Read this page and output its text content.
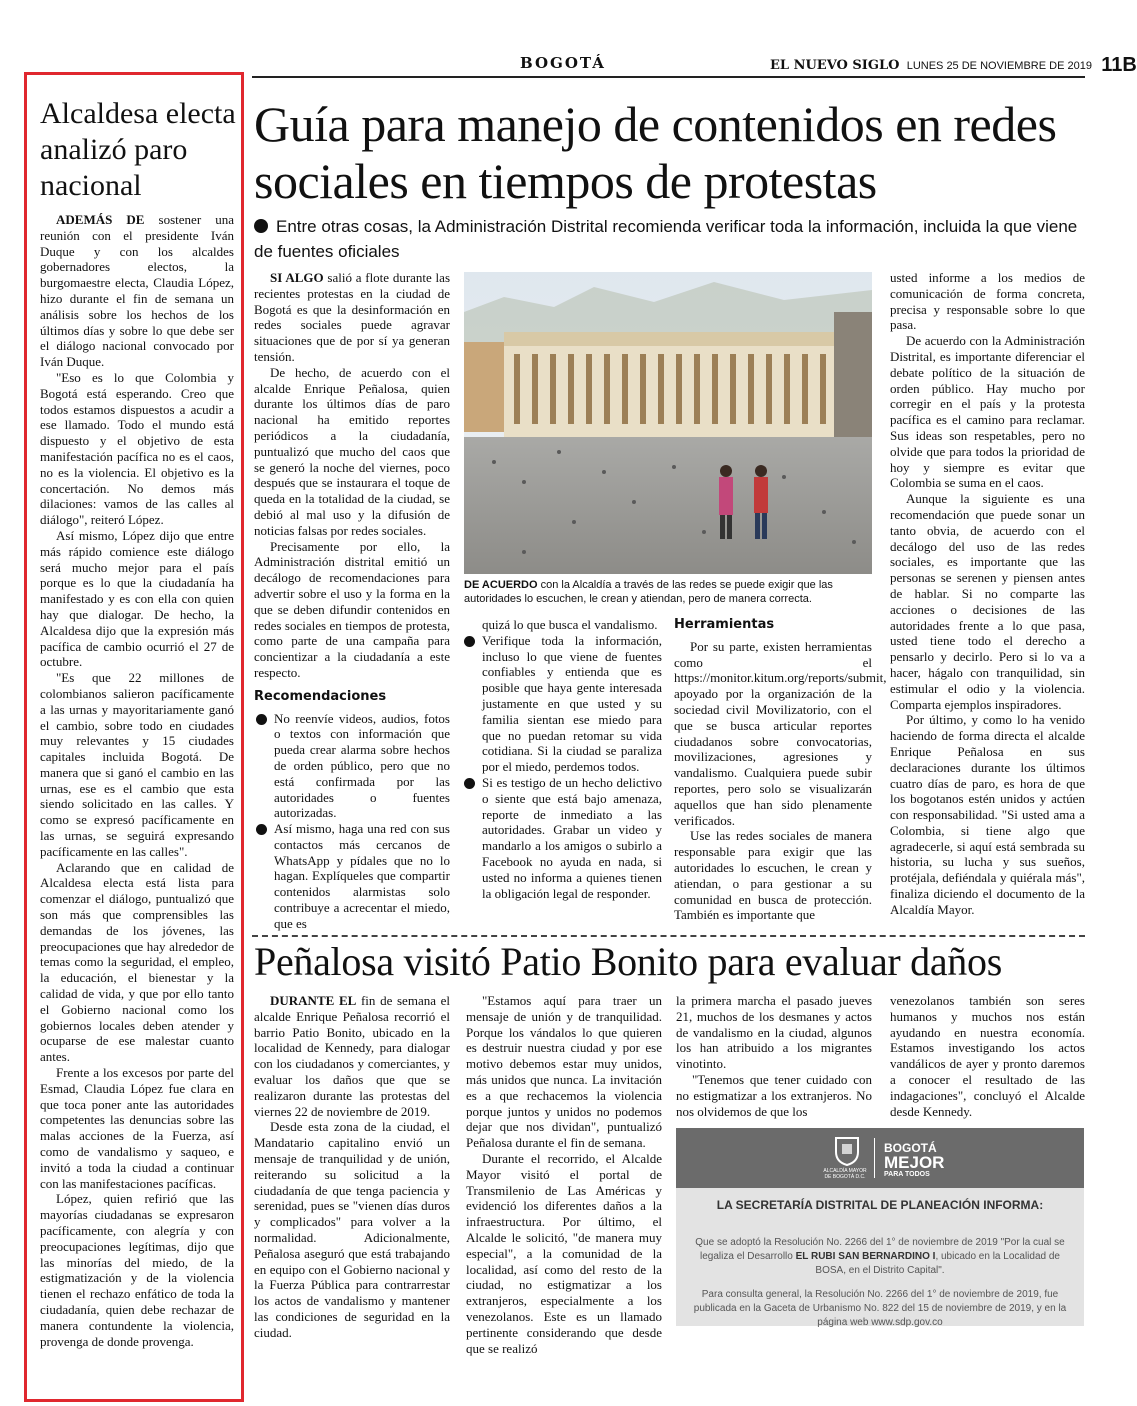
BOGOTÁ	EL NUEVO SIGLO LUNES 25 DE NOVIEMBRE DE 2019 11B
Alcaldesa electa analizó paro nacional

ADEMÁS DE sostener una reunión con el presidente Iván Duque y con los alcaldes gobernadores electos, la burgomaestre electa, Claudia López, hizo durante el fin de semana un análisis sobre los hechos de los últimos días y sobre lo que debe ser el diálogo nacional convocado por Iván Duque.

"Eso es lo que Colombia y Bogotá está esperando. Creo que todos estamos dispuestos a acudir a ese llamado. Todo el mundo está dispuesto y el objetivo de esta manifestación pacífica no es el caos, no es la violencia. El objetivo es la concertación. No demos más dilaciones: vamos de las calles al diálogo", reiteró López.

Así mismo, López dijo que entre más rápido comience este diálogo será mucho mejor para el país porque es lo que la ciudadanía ha manifestado y es con ella con quien hay que dialogar. De hecho, la Alcaldesa dijo que la expresión más pacífica de cambio ocurrió el 27 de octubre.

"Es que 22 millones de colombianos salieron pacíficamente a las urnas y mayoritariamente ganó el cambio, sobre todo en ciudades muy relevantes y 15 ciudades capitales incluida Bogotá. De manera que si ganó el cambio en las urnas, ese es el cambio que esta siendo solicitado en las calles. Y como se expresó pacíficamente en las urnas, se seguirá expresando pacíficamente en las calles".

Aclarando que en calidad de Alcaldesa electa está lista para comenzar el diálogo, puntualizó que son más que comprensibles las demandas de los jóvenes, las preocupaciones que hay alrededor de temas como la seguridad, el empleo, la educación, el bienestar y la calidad de vida, y que por ello tanto el Gobierno nacional como los gobiernos locales deben atender y ocuparse de ese malestar cuanto antes.

Frente a los excesos por parte del Esmad, Claudia López fue clara en que toca poner ante las autoridades competentes las denuncias sobre las malas acciones de la Fuerza, así como de vandalismo y saqueo, e invitó a toda la ciudad a continuar con las manifestaciones pacíficas.

López, quien refirió que las mayorías ciudadanas se expresaron pacíficamente, con alegría y con preocupaciones legítimas, dijo que las minorías del miedo, de la estigmatización y de la violencia tienen el rechazo enfático de toda la ciudadanía, quien debe rechazar de manera contundente la violencia, provenga de donde provenga.

Guía para manejo de contenidos en redes sociales en tiempos de protestas
Entre otras cosas, la Administración Distrital recomienda verificar toda la información, incluida la que viene de fuentes oficiales

SI ALGO salió a flote durante las recientes protestas en la ciudad de Bogotá es que la desinformación en redes sociales puede agravar situaciones que de por sí ya generan tensión.

De hecho, de acuerdo con el alcalde Enrique Peñalosa, quien durante los últimos días de paro nacional ha emitido reportes periódicos a la ciudadanía, puntualizó que mucho del caos que se generó la noche del viernes, poco después que se instaurara el toque de queda en la totalidad de la ciudad, se debió al mal uso y la difusión de noticias falsas por redes sociales.

Precisamente por ello, la Administración distrital emitió un decálogo de recomendaciones para advertir sobre el uso y la forma en la que se deben difundir contenidos en redes sociales en tiempos de protesta, como parte de una campaña para concientizar a la ciudadanía a este respecto.

Recomendaciones
No reenvíe videos, audios, fotos o textos con información que pueda crear alarma sobre hechos de orden público, pero que no está confirmada por las autoridades o fuentes autorizadas.
Así mismo, haga una red con sus contactos más cercanos de WhatsApp y pídales que no lo hagan. Explíqueles que compartir contenidos alarmistas solo contribuye a acrecentar el miedo, que es
DE ACUERDO con la Alcaldía a través de las redes se puede exigir que las autoridades lo escuchen, le crean y atiendan, pero de manera correcta.

quizá lo que busca el vandalismo.

Verifique toda la información, incluso lo que viene de fuentes confiables y entienda que es posible que haya gente interesada justamente en que usted y su familia sientan ese miedo para que no puedan retomar su vida cotidiana. Si la ciudad se paraliza por el miedo, perdemos todos.
Si es testigo de un hecho delictivo o siente que está bajo amenaza, reporte de inmediato a las autoridades. Grabar un video y mandarlo a los amigos o subirlo a Facebook no ayuda en nada, si usted no informa a quienes tienen la obligación legal de responder.
Herramientas

Por su parte, existen herramientas como el https://monitor.kitum.org/reports/submit, apoyado por la organización de la sociedad civil Movilizatorio, con el que se busca articular reportes ciudadanos sobre convocatorias, movilizaciones, agresiones y vandalismo. Cualquiera puede subir reportes, pero solo se visualizarán aquellos que han sido plenamente verificados.

Use las redes sociales de manera responsable para exigir que las autoridades lo escuchen, le crean y atiendan, o para gestionar a su comunidad en busca de protección. También es importante que

usted informe a los medios de comunicación de forma concreta, precisa y responsable sobre lo que pasa.

De acuerdo con la Administración Distrital, es importante diferenciar el debate político de la situación de orden público. Hay mucho por corregir en el país y la protesta pacífica es el camino para reclamar. Sus ideas son respetables, pero no olvide que para todos la prioridad de hoy y siempre es evitar que Colombia se suma en el caos.

Aunque la siguiente es una recomendación que puede sonar un tanto obvia, de acuerdo con el decálogo del uso de las redes sociales, es importante que las personas se serenen y piensen antes de hablar. Si no comparte las acciones o decisiones de las autoridades frente a lo que pasa, usted tiene todo el derecho a pensarlo y decirlo. Pero si lo va a hacer, hágalo con tranquilidad, sin estimular el odio y la violencia. Comparta ejemplos inspiradores.

Por último, y como lo ha venido haciendo de forma directa el alcalde Enrique Peñalosa en sus declaraciones durante los últimos cuatro días de paro, es hora de que los bogotanos estén unidos y actúen con responsabilidad. "Si usted ama a Colombia, si tiene algo que agradecerle, si aquí está sembrada su historia, su lucha y sus sueños, protéjala, defiéndala y quiérala más", finaliza diciendo el documento de la Alcaldía Mayor.

Peñalosa visitó Patio Bonito para evaluar daños

DURANTE EL fin de semana el alcalde Enrique Peñalosa recorrió el barrio Patio Bonito, ubicado en la localidad de Kennedy, para dialogar con los ciudadanos y comerciantes, y evaluar los daños que que se realizaron durante las protestas del viernes 22 de noviembre de 2019.

Desde esta zona de la ciudad, el Mandatario capitalino envió un mensaje de tranquilidad y de unión, reiterando su solicitud a la ciudadanía de que tenga paciencia y serenidad, pues se "vienen días duros y complicados" para volver a la normalidad. Adicionalmente, Peñalosa aseguró que está trabajando en equipo con el Gobierno nacional y la Fuerza Pública para contrarrestar los actos de vandalismo y mantener las condiciones de seguridad en la ciudad.

"Estamos aquí para traer un mensaje de unión y de tranquilidad. Porque los vándalos lo que quieren es destruir nuestra ciudad y por ese motivo debemos estar muy unidos, más unidos que nunca. La invitación es a que rechacemos la violencia porque juntos y unidos no podemos dejar que nos dividan", puntualizó Peñalosa durante el fin de semana.

Durante el recorrido, el Alcalde Mayor visitó el portal de Transmilenio de Las Américas y evidenció los diferentes daños a la infraestructura. Por último, el Alcalde le solicitó, "de manera muy especial", a la comunidad de la localidad, así como del resto de la ciudad, no estigmatizar a los extranjeros, especialmente a los venezolanos. Este es un llamado pertinente considerando que desde que se realizó

la primera marcha el pasado jueves 21, muchos de los desmanes y actos de vandalismo en la ciudad, algunos los han atribuido a los migrantes vinotinto.

"Tenemos que tener cuidado con no estigmatizar a los extranjeros. No nos olvidemos de que los

venezolanos también son seres humanos y muchos nos están ayudando en nuestra economía. Estamos investigando los actos vandálicos de ayer y pronto daremos a conocer el resultado de las indagaciones", concluyó el Alcalde desde Kennedy.

ALCALDÍA MAYOR DE BOGOTÁ D.C.
BOGOTÁ
MEJOR
PARA TODOS
LA SECRETARÍA DISTRITAL DE PLANEACIÓN INFORMA:
Que se adoptó la Resolución No. 2266 del 1° de noviembre de 2019 "Por la cual se legaliza el Desarrollo EL RUBI SAN BERNARDINO I, ubicado en la Localidad de BOSA, en el Distrito Capital".
Para consulta general, la Resolución No. 2266 del 1° de noviembre de 2019, fue publicada en la Gaceta de Urbanismo No. 822 del 15 de noviembre de 2019, y en la página web www.sdp.gov.co
